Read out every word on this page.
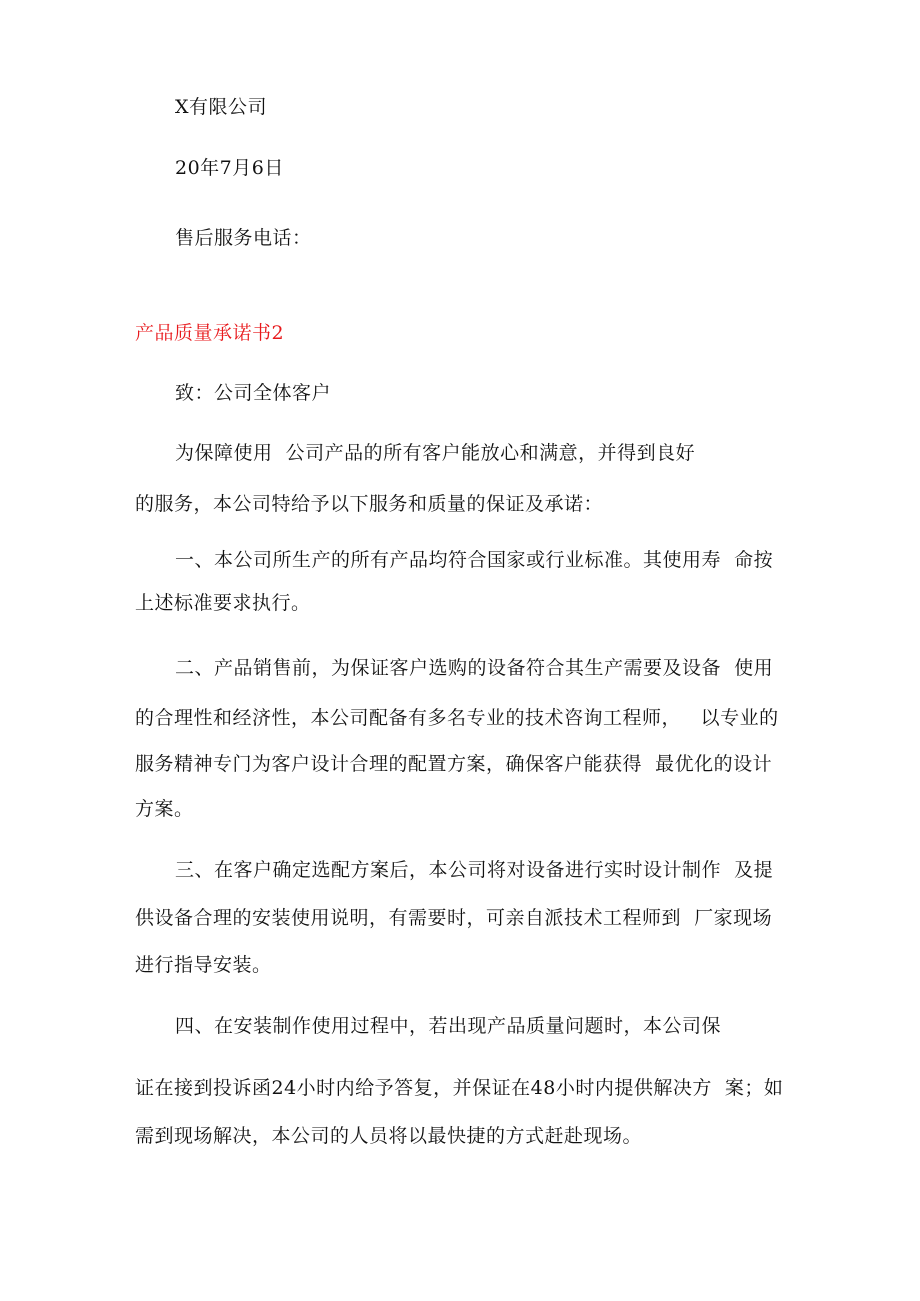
X有限公司
20年7月6日
售后服务电话：
产品质量承诺书2
致：公司全体客户
为保障使用  公司产品的所有客户能放心和满意，并得到良好
的服务，本公司特给予以下服务和质量的保证及承诺：
一、本公司所生产的所有产品均符合国家或行业标准。其使用寿  命按
上述标准要求执行。
二、产品销售前，为保证客户选购的设备符合其生产需要及设备  使用
的合理性和经济性，本公司配备有多名专业的技术咨询工程师，   以专业的
服务精神专门为客户设计合理的配置方案，确保客户能获得  最优化的设计
方案。
三、在客户确定选配方案后，本公司将对设备进行实时设计制作  及提
供设备合理的安装使用说明，有需要时，可亲自派技术工程师到  厂家现场
进行指导安装。
四、在安装制作使用过程中，若出现产品质量问题时，本公司保
证在接到投诉函24小时内给予答复，并保证在48小时内提供解决方  案；如
需到现场解决，本公司的人员将以最快捷的方式赶赴现场。
